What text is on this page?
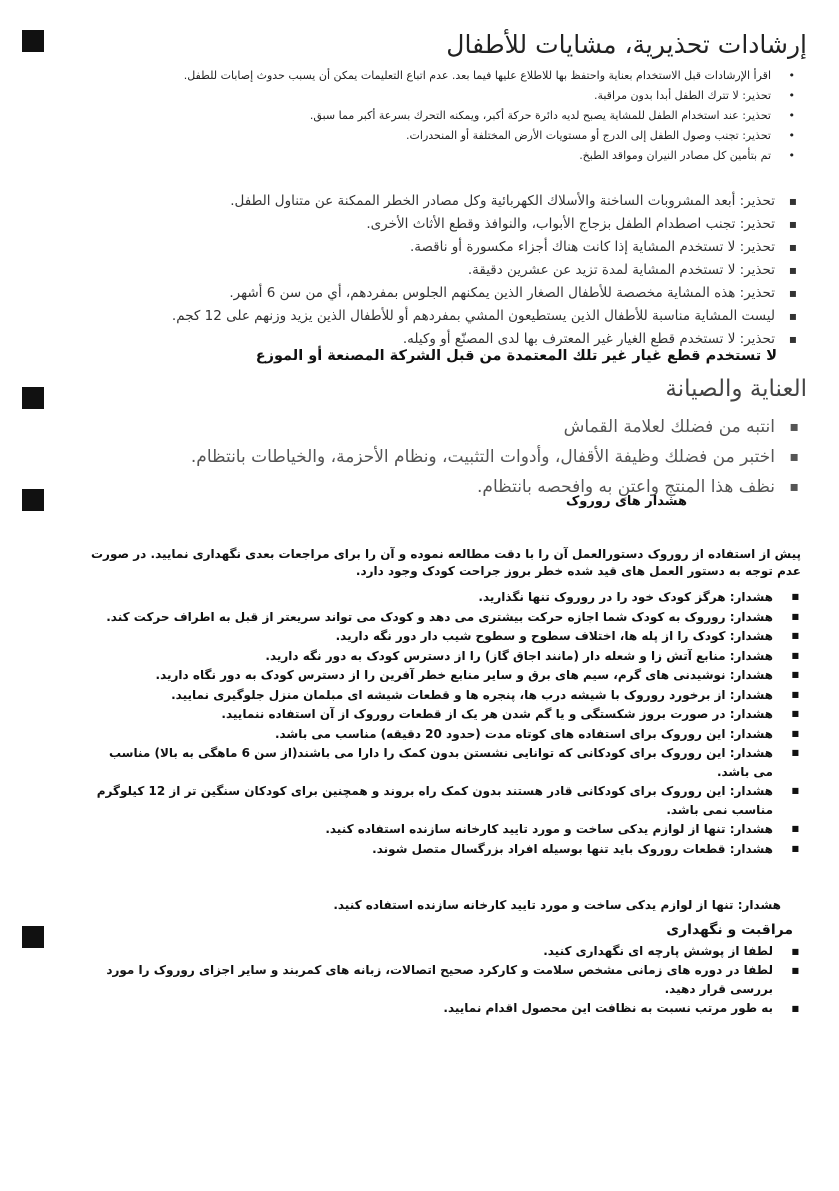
إرشادات تحذيرية، مشايات للأطفال
اقرأ الإرشادات قبل الاستخدام بعناية واحتفظ بها للاطلاع عليها فيما بعد. عدم اتباع التعليمات يمكن أن يسبب حدوث إصابات للطفل. •
تحذير: لا تترك الطفل أبدا بدون مراقبة. •
تحذير: عند استخدام الطفل للمشاية يصبح لديه دائرة حركة أكبر، ويمكنه التحرك بسرعة أكبر مما سبق. •
تحذير: تجنب وصول الطفل إلى الدرج أو مستويات الأرض المختلفة أو المنحدرات. •
تم بتأمين كل مصادر النيران ومواقد الطبخ. •
تحذير: أبعد المشروبات الساخنة والأسلاك الكهربائية وكل مصادر الخطر الممكنة عن متناول الطفل. ▪
تحذير: تجنب اصطدام الطفل بزجاج الأبواب، والنوافذ وقطع الأثاث الأخرى. ▪
تحذير: لا تستخدم المشاية إذا كانت هناك أجزاء مكسورة أو ناقصة. ▪
تحذير: لا تستخدم المشاية لمدة تزيد عن عشرين دقيقة. ▪
تحذير: هذه المشاية مخصصة للأطفال الصغار الذين يمكنهم الجلوس بمفردهم، أي من سن 6 أشهر. ▪
ليست المشاية مناسبة للأطفال الذين يستطيعون المشي بمفردهم أو للأطفال الذين يزيد وزنهم على 12 كجم. ▪
تحذير: لا تستخدم قطع الغيار غير المعترف بها لدى المصنّع أو وكيله. ▪
لا تستخدم قطع غيار غير تلك المعتمدة من قبل الشركة المصنعة أو الموزع
العناية والصيانة
انتبه من فضلك لعلامة القماش ▪
اختبر من فضلك وظيفة الأقفال، وأدوات التثبيت، ونظام الأحزمة، والخياطات بانتظام. ▪
نظف هذا المنتج واعتنِ به وافحصه بانتظام. ▪
هشدار های روروک
پیش از استفاده از روروک دستورالعمل آن را با دقت مطالعه نموده و آن را برای مراجعات بعدی نگهداری نمایید. در صورت عدم توجه به دستور العمل های قید شده خطر بروز جراحت کودک وجود دارد.
هشدار: هرگز کودک خود را در روروک تنها نگذارید. ■
هشدار: روروک به کودک شما اجازه حرکت بیشتری می دهد و کودک می تواند سریعتر از قبل به اطراف حرکت کند. ■
هشدار: کودک را از پله ها، اختلاف سطوح و سطوح شیب دار دور نگه دارید. ■
هشدار: منابع آتش زا و شعله دار (مانند اجاق گاز) را از دسترس کودک به دور نگه دارید. ■
هشدار: نوشیدنی های گرم، سیم های برق و سایر منابع خطر آفرین را از دسترس کودک به دور نگاه دارید. ■
هشدار: از برخورد روروک با شیشه درب ها، پنجره ها و قطعات شیشه ای مبلمان منزل جلوگیری نمایید. ■
هشدار: در صورت بروز شکستگی و یا گم شدن هر یک از قطعات روروک از آن استفاده ننمایید. ■
هشدار: این روروک برای استفاده های کوتاه مدت (حدود 20 دقیقه) مناسب می باشد. ■
هشدار: این روروک برای کودکانی که توانایی نشستن بدون کمک را دارا می باشند(از سن 6 ماهگی به بالا) مناسب می باشد. ■
هشدار: این روروک برای کودکانی قادر هستند بدون کمک راه بروند و همچنین برای کودکان سنگین تر از 12 کیلوگرم مناسب نمی باشد. ■
هشدار: تنها از لوازم یدکی ساخت و مورد تایید کارخانه سازنده استفاده کنید. ■
هشدار: قطعات روروک باید تنها بوسیله افراد بزرگسال متصل شوند. ■
هشدار: تنها از لوازم یدکی ساخت و مورد تایید کارخانه سازنده استفاده کنید.
مراقبت و نگهداری
لطفا از پوشش پارچه ای نگهداری کنید. ■
لطفا در دوره های زمانی مشخص سلامت و کارکرد صحیح اتصالات، زبانه های کمربند و سایر اجزای روروک را مورد بررسی قرار دهید. ■
به طور مرتب نسبت به نظافت این محصول اقدام نمایید. ■
